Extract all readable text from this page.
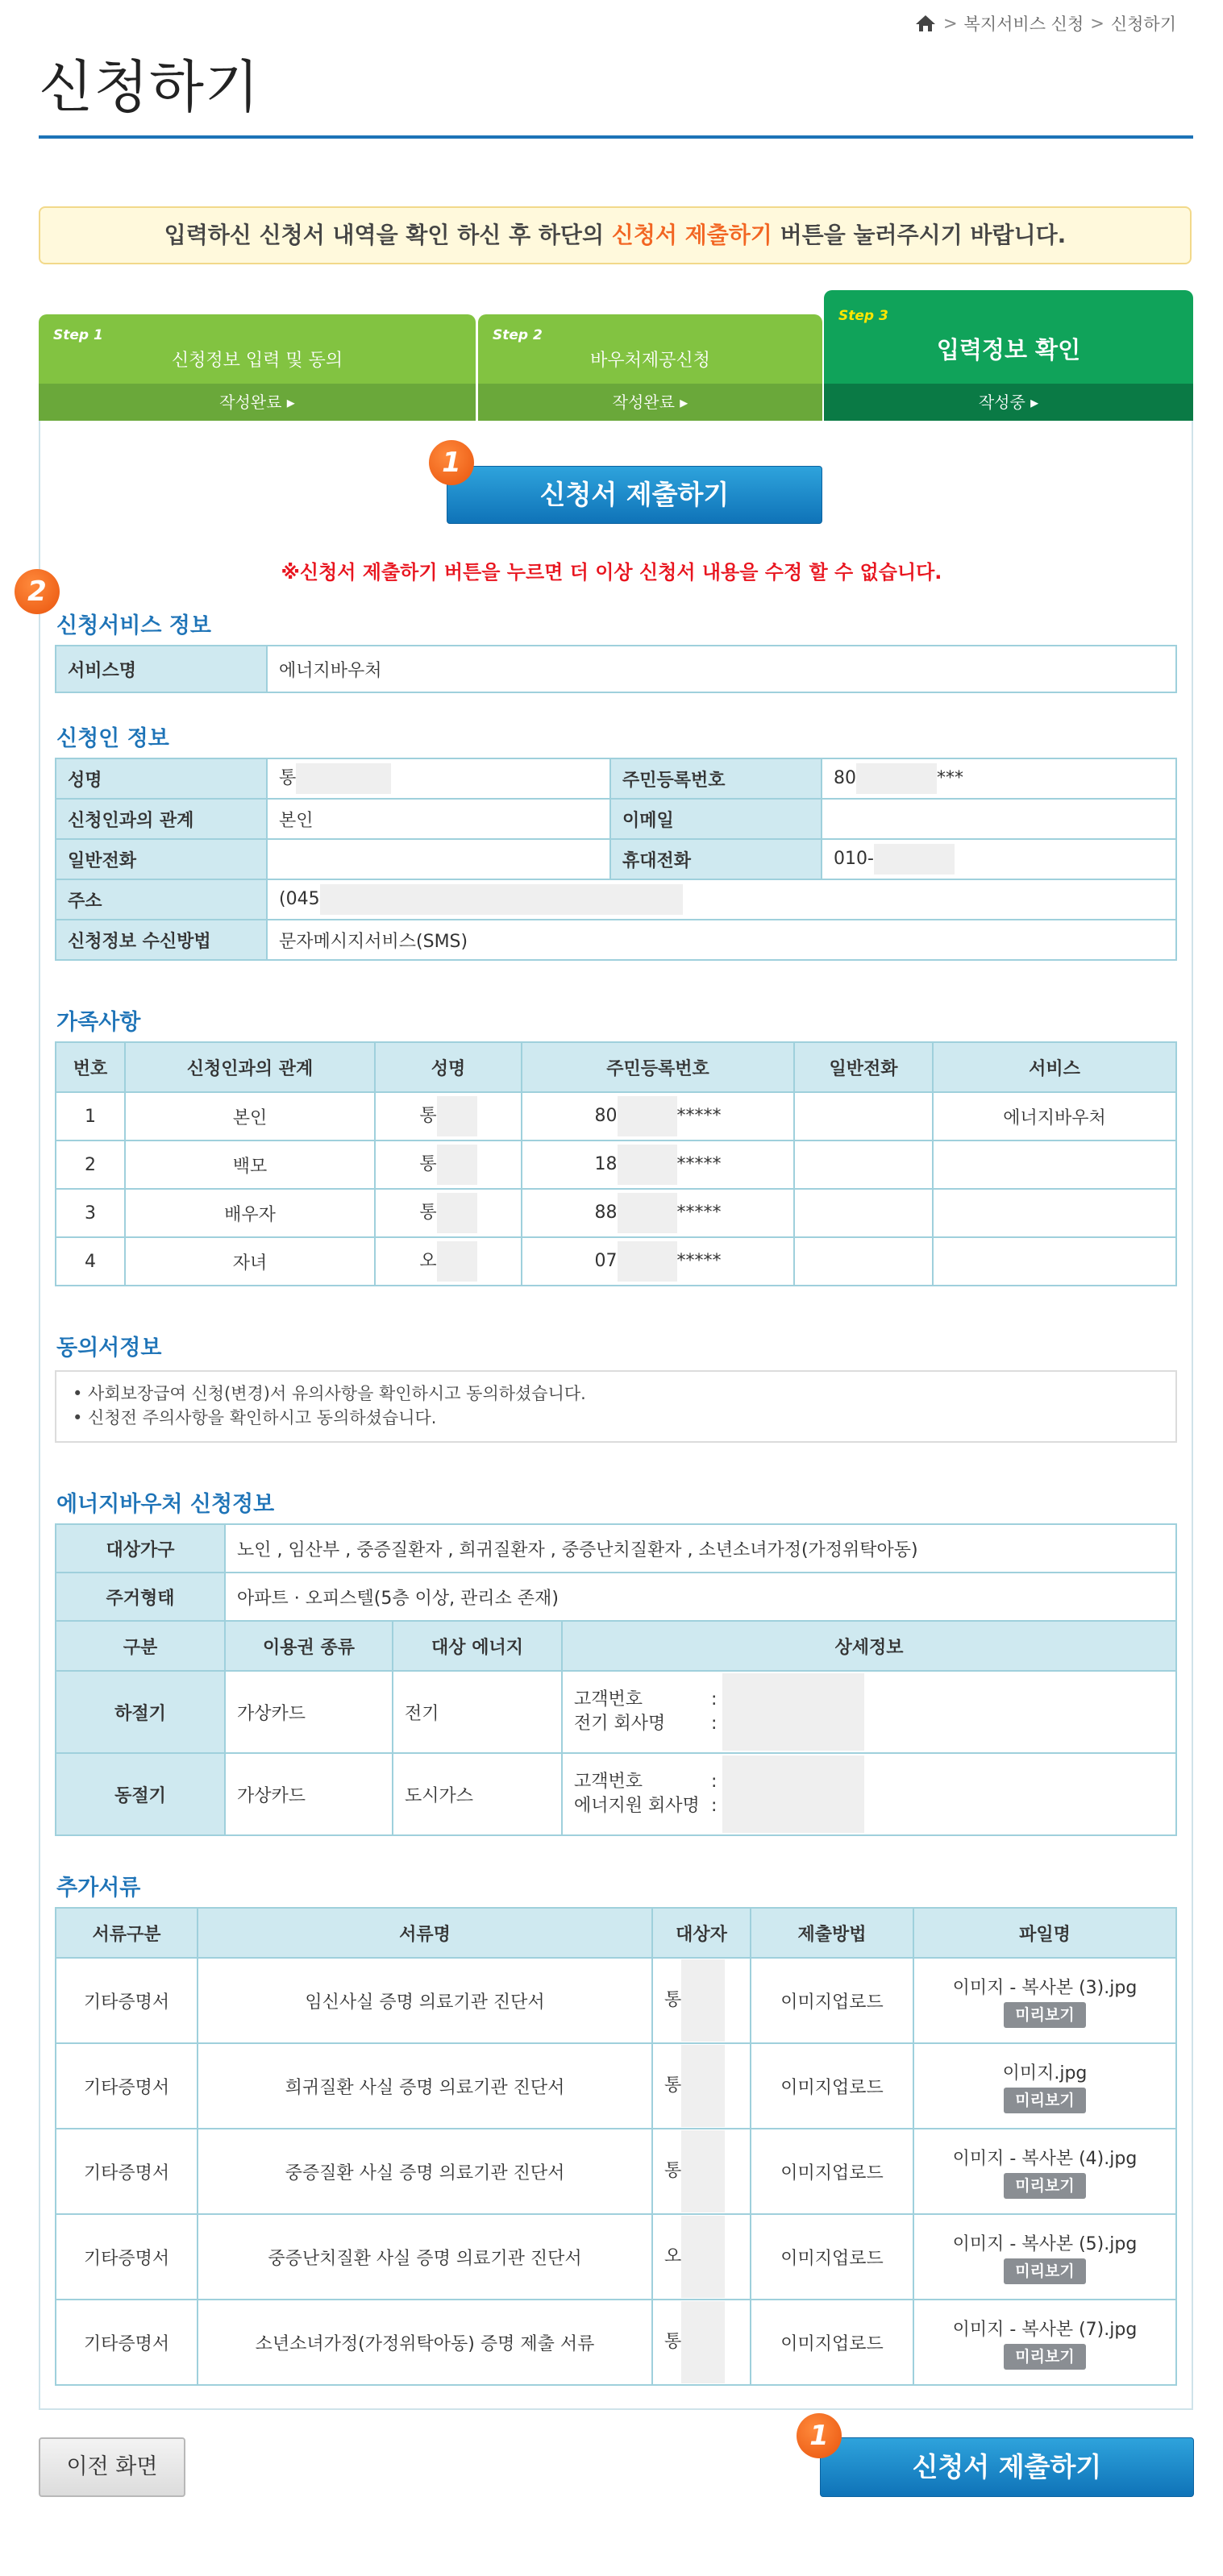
> 복지서비스 신청 > 신청하기
신청하기
입력하신 신청서 내역을 확인 하신 후 하단의 신청서 제출하기 버튼을 눌러주시기 바랍니다.
Step 1
신청정보 입력 및 동의
작성완료 ▸
Step 2
바우처제공신청
작성완료 ▸
Step 3
입력정보 확인
작성중 ▸
신청서 제출하기
1
※신청서 제출하기 버튼을 누르면 더 이상 신청서 내용을 수정 할 수 없습니다.
2
신청서비스 정보
서비스명	에너지바우처
신청인 정보
성명	통	주민등록번호	80 ***
신청인과의 관계	본인	이메일	
일반전화		휴대전화	010-
주소	(045		
신청정보 수신방법	문자메시지서비스(SMS)		
가족사항
번호	신청인과의 관계	성명	주민등록번호	일반전화	서비스
1	본인	통	80 *****		에너지바우처
2	백모	통	18 *****		
3	배우자	통	88 *****		
4	자녀	오	07 *****		
동의서정보
• 사회보장급여 신청(변경)서 유의사항을 확인하시고 동의하셨습니다.
• 신청전 주의사항을 확인하시고 동의하셨습니다.
에너지바우처 신청정보
대상가구	노인 , 임산부 , 중증질환자 , 희귀질환자 , 중증난치질환자 , 소년소녀가정(가정위탁아동)		
주거형태	아파트 · 오피스텔(5층 이상, 관리소 존재)		
구분	이용권 종류	대상 에너지	상세정보
하절기	가상카드	전기	고객번호 :
전기 회사명 :

동절기	가상카드	도시가스	고객번호 :
에너지원 회사명 :
추가서류
서류구분	서류명	대상자	제출방법	파일명
기타증명서	임신사실 증명 의료기관 진단서	통	이미지업로드	이미지 - 복사본 (3).jpg
미리보기
기타증명서	희귀질환 사실 증명 의료기관 진단서	통	이미지업로드	이미지.jpg
미리보기
기타증명서	중증질환 사실 증명 의료기관 진단서	통	이미지업로드	이미지 - 복사본 (4).jpg
미리보기
기타증명서	중증난치질환 사실 증명 의료기관 진단서	오	이미지업로드	이미지 - 복사본 (5).jpg
미리보기
기타증명서	소년소녀가정(가정위탁아동) 증명 제출 서류	통	이미지업로드	이미지 - 복사본 (7).jpg
미리보기
이전 화면	신청서 제출하기
1
